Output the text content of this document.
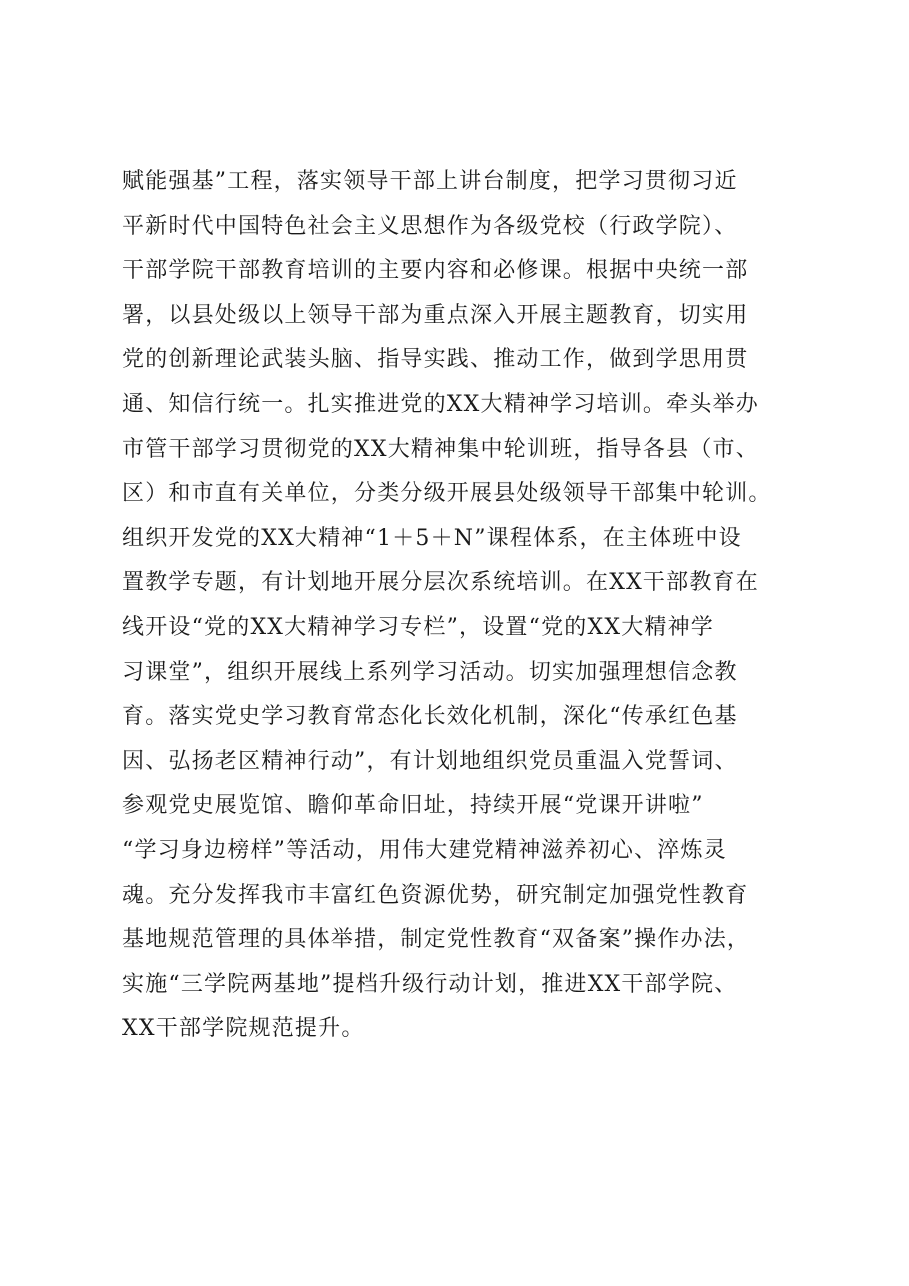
赋能强基”工程，落实领导干部上讲台制度，把学习贯彻习近
平新时代中国特色社会主义思想作为各级党校（行政学院）、
干部学院干部教育培训的主要内容和必修课。根据中央统一部
署，以县处级以上领导干部为重点深入开展主题教育，切实用
党的创新理论武装头脑、指导实践、推动工作，做到学思用贯
通、知信行统一。扎实推进党的XX大精神学习培训。牵头举办
市管干部学习贯彻党的XX大精神集中轮训班，指导各县（市、
区）和市直有关单位，分类分级开展县处级领导干部集中轮训。
组织开发党的XX大精神“1＋5＋N”课程体系，在主体班中设
置教学专题，有计划地开展分层次系统培训。在XX干部教育在
线开设“党的XX大精神学习专栏”，设置“党的XX大精神学
习课堂”，组织开展线上系列学习活动。切实加强理想信念教
育。落实党史学习教育常态化长效化机制，深化“传承红色基
因、弘扬老区精神行动”，有计划地组织党员重温入党誓词、
参观党史展览馆、瞻仰革命旧址，持续开展“党课开讲啦”
“学习身边榜样”等活动，用伟大建党精神滋养初心、淬炼灵
魂。充分发挥我市丰富红色资源优势，研究制定加强党性教育
基地规范管理的具体举措，制定党性教育“双备案”操作办法，
实施“三学院两基地”提档升级行动计划，推进XX干部学院、
XX干部学院规范提升。
